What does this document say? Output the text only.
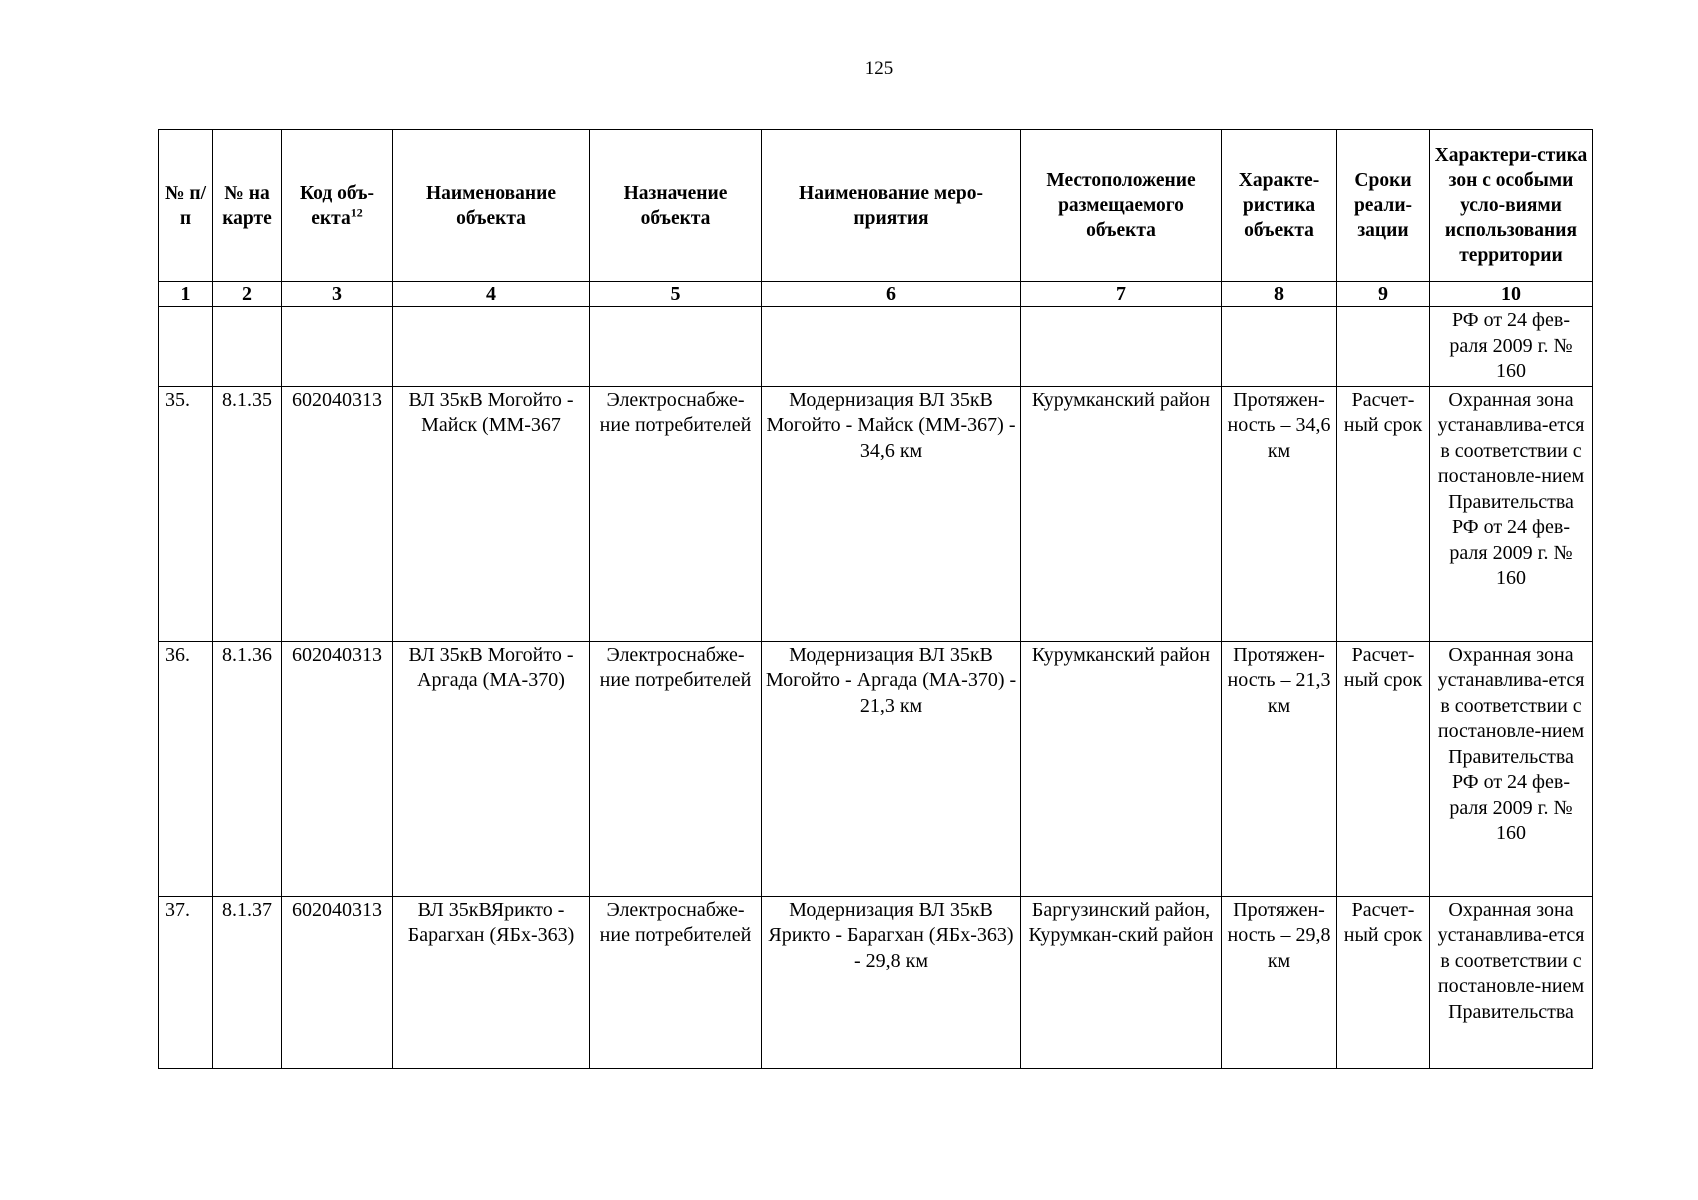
125
№ п/п	№ на карте	Код объ-екта$^{12}$	Наименование объекта	Назначение объекта	Наименование меро-приятия	Местоположение размещаемого объекта	Характе-ристика объекта	Сроки реали-зации	Характери-стика зон с особыми усло-виями использования территории
1	2	3	4	5	6	7	8	9	10
									РФ от 24 фев-раля 2009 г. № 160
35.	8.1.35	602040313	ВЛ 35кВ Могойто - Майск (ММ-367	Электроснабже-ние потребителей	Модернизация ВЛ 35кВ Могойто - Майск (ММ-367) - 34,6 км	Курумканский район	Протяжен-ность – 34,6 км	Расчет-ный срок	Охранная зона устанавлива-ется в соответствии с постановле-нием Правительства РФ от 24 фев-раля 2009 г. № 160
36.	8.1.36	602040313	ВЛ 35кВ Могойто - Аргада (МА-370)	Электроснабже-ние потребителей	Модернизация ВЛ 35кВ Могойто - Аргада (МА-370) - 21,3 км	Курумканский район	Протяжен-ность – 21,3 км	Расчет-ный срок	Охранная зона устанавлива-ется в соответствии с постановле-нием Правительства РФ от 24 фев-раля 2009 г. № 160
37.	8.1.37	602040313	ВЛ 35кВЯрикто - Барагхан (ЯБх-363)	Электроснабже-ние потребителей	Модернизация ВЛ 35кВ Ярикто - Барагхан (ЯБх-363) - 29,8 км	Баргузинский район, Курумкан-ский район	Протяжен-ность – 29,8 км	Расчет-ный срок	Охранная зона устанавлива-ется в соответствии с постановле-нием Правительства
